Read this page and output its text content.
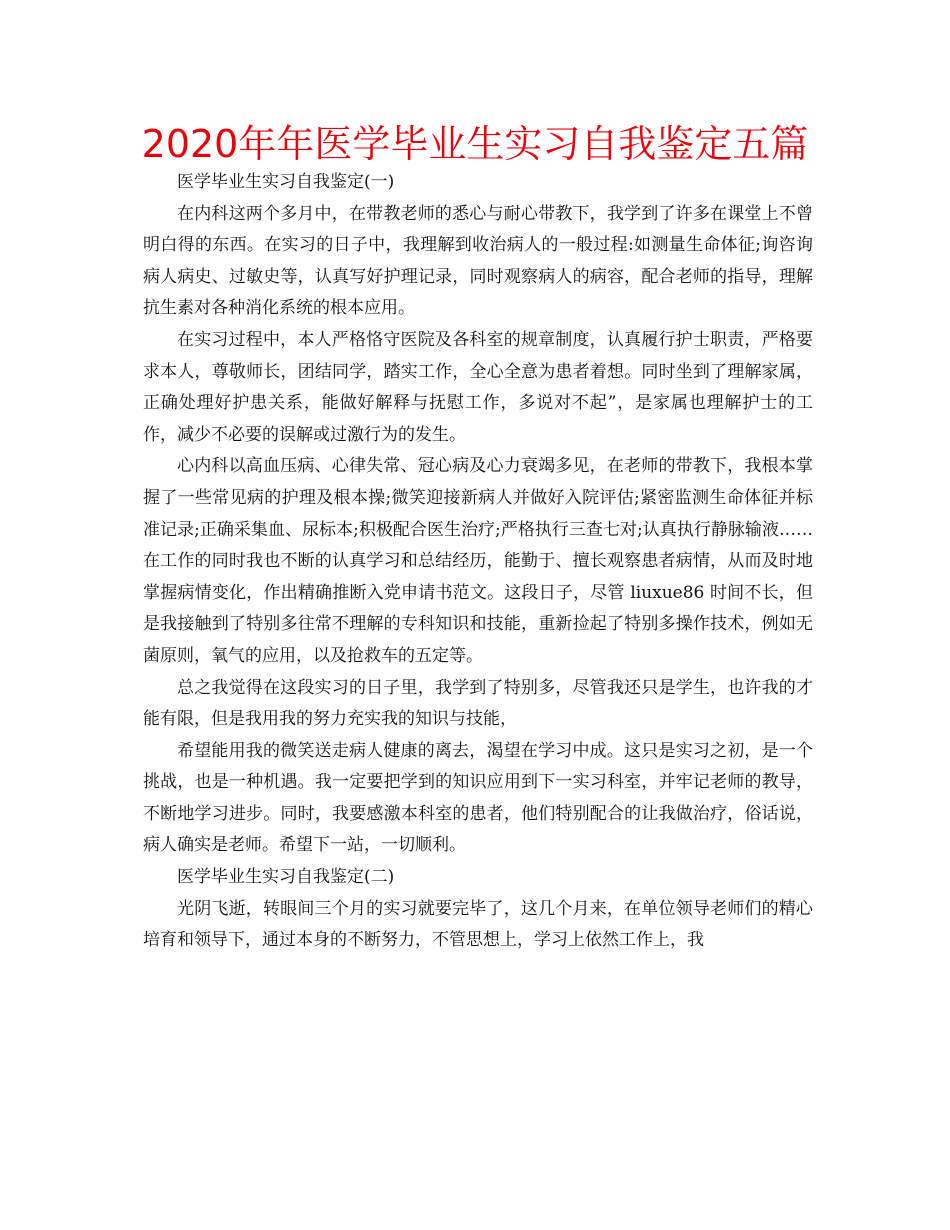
2020年年医学毕业生实习自我鉴定五篇

医学毕业生实习自我鉴定(一)

在内科这两个多月中，在带教老师的悉心与耐心带教下，我学到了许多在课堂上不曾明白得的东西。在实习的日子中，我理解到收治病人的一般过程:如测量生命体征;询咨询病人病史、过敏史等，认真写好护理记录，同时观察病人的病容，配合老师的指导，理解抗生素对各种消化系统的根本应用。

在实习过程中，本人严格恪守医院及各科室的规章制度，认真履行护士职责，严格要求本人，尊敬师长，团结同学，踏实工作，全心全意为患者着想。同时坐到了理解家属，正确处理好护患关系，能做好解释与抚慰工作，多说对不起”，是家属也理解护士的工作，减少不必要的误解或过激行为的发生。

心内科以高血压病、心律失常、冠心病及心力衰竭多见，在老师的带教下，我根本掌握了一些常见病的护理及根本操;微笑迎接新病人并做好入院评估;紧密监测生命体征并标准记录;正确采集血、尿标本;积极配合医生治疗;严格执行三查七对;认真执行静脉输液……在工作的同时我也不断的认真学习和总结经历，能勤于、擅长观察患者病情，从而及时地掌握病情变化，作出精确推断入党申请书范文。这段日子，尽管 liuxue86 时间不长，但是我接触到了特别多往常不理解的专科知识和技能，重新捡起了特别多操作技术，例如无菌原则，氧气的应用，以及抢救车的五定等。

总之我觉得在这段实习的日子里，我学到了特别多，尽管我还只是学生，也许我的才能有限，但是我用我的努力充实我的知识与技能，

希望能用我的微笑送走病人健康的离去，渴望在学习中成。这只是实习之初，是一个挑战，也是一种机遇。我一定要把学到的知识应用到下一实习科室，并牢记老师的教导，不断地学习进步。同时，我要感激本科室的患者，他们特别配合的让我做治疗，俗话说，病人确实是老师。希望下一站，一切顺利。

医学毕业生实习自我鉴定(二)

光阴飞逝，转眼间三个月的实习就要完毕了，这几个月来，在单位领导老师们的精心培育和领导下，通过本身的不断努力，不管思想上，学习上依然工作上，我
